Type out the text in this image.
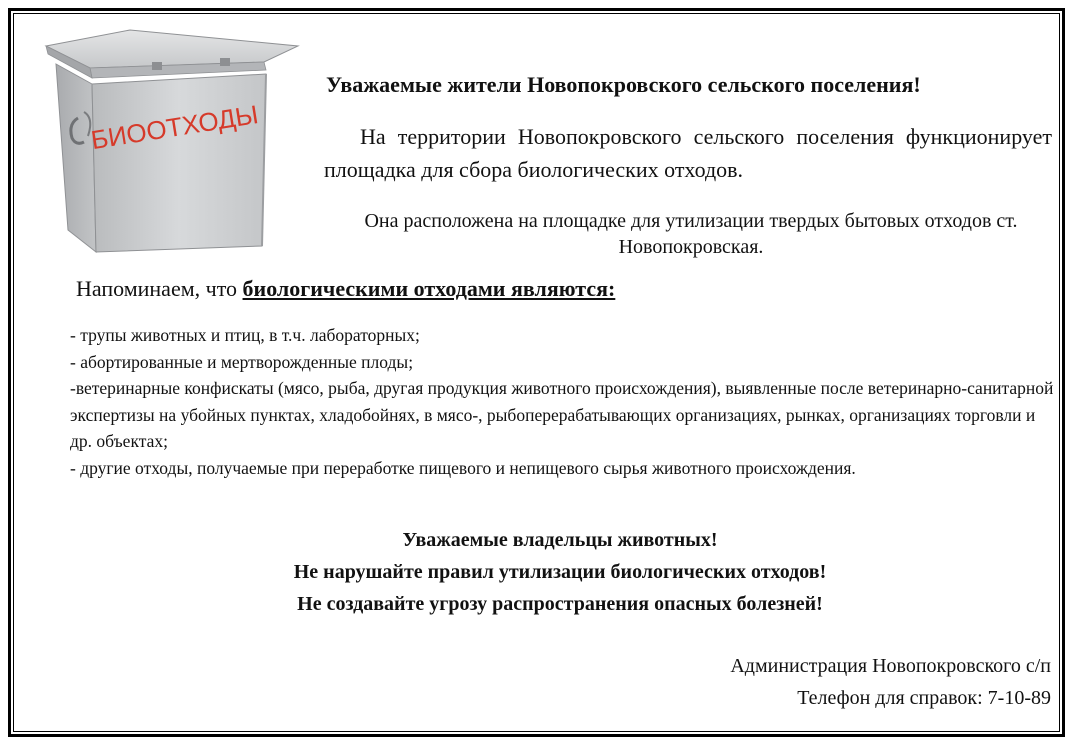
БИООТХОДЫ
Уважаемые жители Новопокровского сельского поселения!
На территории Новопокровского сельского поселения функционирует площадка для сбора биологических отходов.
Она расположена на площадке для утилизации твердых бытовых отходов ст. Новопокровская.
Напоминаем, что биологическими отходами являются:
- трупы животных и птиц, в т.ч. лабораторных;
- абортированные и мертворожденные плоды;
-ветеринарные конфискаты (мясо, рыба, другая продукция животного происхождения), выявленные после ветеринарно-санитарной экспертизы на убойных пунктах, хладобойнях, в мясо-, рыбоперерабатывающих организациях, рынках, организациях торговли и др. объектах;
- другие отходы, получаемые при переработке пищевого и непищевого сырья животного происхождения.
Уважаемые владельцы животных!
Не нарушайте правил утилизации биологических отходов!
Не создавайте угрозу распространения опасных болезней!
Администрация Новопокровского с/п
Телефон для справок: 7-10-89
